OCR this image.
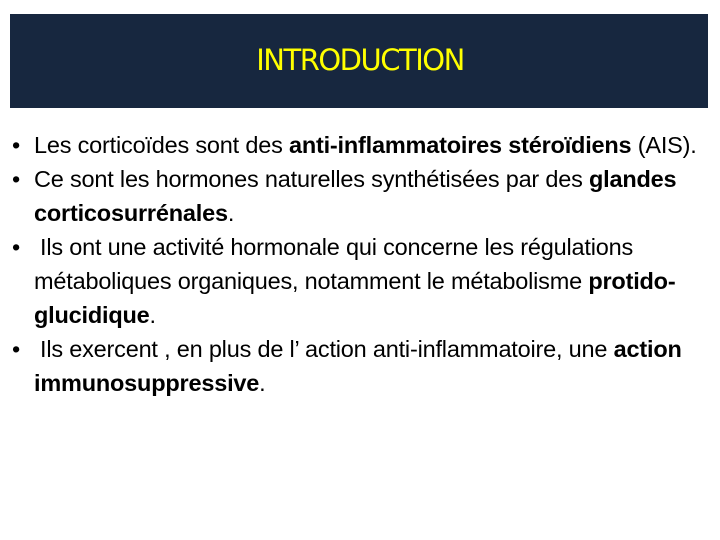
INTRODUCTION
• Les corticoïdes sont des anti-inflammatoires stéroïdiens (AIS).
• Ce sont les hormones naturelles synthétisées par des glandes corticosurrénales.
• Ils ont une activité hormonale qui concerne les régulations métaboliques organiques, notamment le métabolisme protido- glucidique.
• Ils exercent , en plus de l’ action anti-inflammatoire, une action immunosuppressive.
